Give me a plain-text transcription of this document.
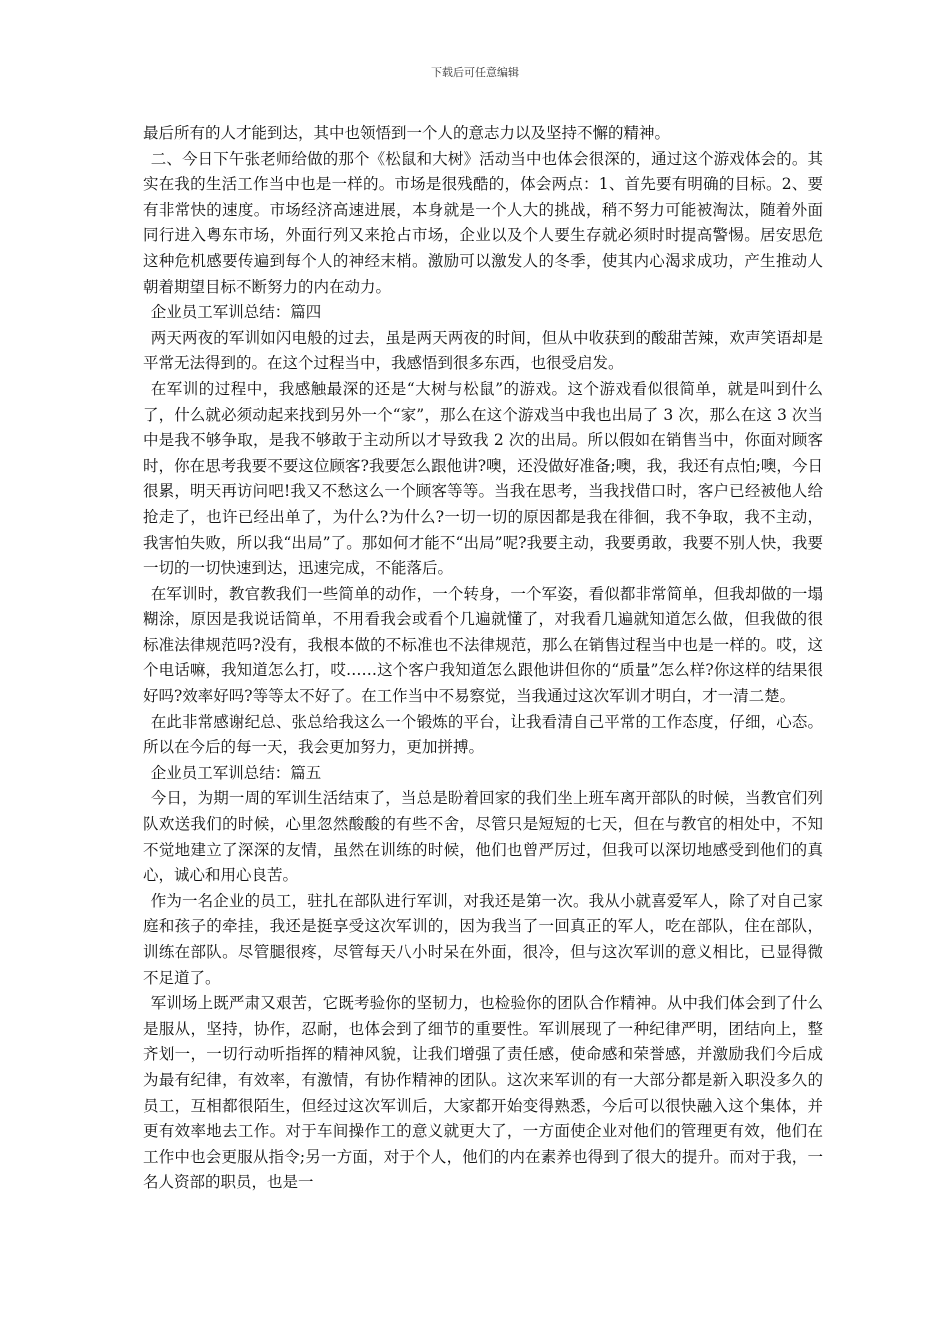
下载后可任意编辑

最后所有的人才能到达，其中也领悟到一个人的意志力以及坚持不懈的精神。

二、今日下午张老师给做的那个《松鼠和大树》活动当中也体会很深的，通过这个游戏体会的。其实在我的生活工作当中也是一样的。市场是很残酷的，体会两点：1、首先要有明确的目标。2、要有非常快的速度。市场经济高速进展，本身就是一个人大的挑战，稍不努力可能被淘汰，随着外面同行进入粤东市场，外面行列又来抢占市场，企业以及个人要生存就必须时时提高警惕。居安思危这种危机感要传遍到每个人的神经末梢。激励可以激发人的冬季，使其内心渴求成功，产生推动人朝着期望目标不断努力的内在动力。

企业员工军训总结：篇四

两天两夜的军训如闪电般的过去，虽是两天两夜的时间，但从中收获到的酸甜苦辣，欢声笑语却是平常无法得到的。在这个过程当中，我感悟到很多东西，也很受启发。

在军训的过程中，我感触最深的还是“大树与松鼠”的游戏。这个游戏看似很简单，就是叫到什么了，什么就必须动起来找到另外一个“家”，那么在这个游戏当中我也出局了 3 次，那么在这 3 次当中是我不够争取，是我不够敢于主动所以才导致我 2 次的出局。所以假如在销售当中，你面对顾客时，你在思考我要不要这位顾客?我要怎么跟他讲?噢，还没做好准备;噢，我，我还有点怕;噢，今日很累，明天再访问吧!我又不愁这么一个顾客等等。当我在思考，当我找借口时，客户已经被他人给抢走了，也许已经出单了，为什么?为什么?一切一切的原因都是我在徘徊，我不争取，我不主动，我害怕失败，所以我“出局”了。那如何才能不“出局”呢?我要主动，我要勇敢，我要不别人快，我要一切的一切快速到达，迅速完成，不能落后。

在军训时，教官教我们一些简单的动作，一个转身，一个军姿，看似都非常简单，但我却做的一塌糊涂，原因是我说话简单，不用看我会或看个几遍就懂了，对我看几遍就知道怎么做，但我做的很标准法律规范吗?没有，我根本做的不标准也不法律规范，那么在销售过程当中也是一样的。哎，这个电话嘛，我知道怎么打，哎……这个客户我知道怎么跟他讲但你的“质量”怎么样?你这样的结果很好吗?效率好吗?等等太不好了。在工作当中不易察觉，当我通过这次军训才明白，才一清二楚。

在此非常感谢纪总、张总给我这么一个锻炼的平台，让我看清自己平常的工作态度，仔细，心态。所以在今后的每一天，我会更加努力，更加拼搏。

企业员工军训总结：篇五

今日，为期一周的军训生活结束了，当总是盼着回家的我们坐上班车离开部队的时候，当教官们列队欢送我们的时候，心里忽然酸酸的有些不舍，尽管只是短短的七天，但在与教官的相处中，不知不觉地建立了深深的友情，虽然在训练的时候，他们也曾严厉过，但我可以深切地感受到他们的真心，诚心和用心良苦。

作为一名企业的员工，驻扎在部队进行军训，对我还是第一次。我从小就喜爱军人，除了对自己家庭和孩子的牵挂，我还是挺享受这次军训的，因为我当了一回真正的军人，吃在部队，住在部队，训练在部队。尽管腿很疼，尽管每天八小时呆在外面，很冷，但与这次军训的意义相比，已显得微不足道了。

军训场上既严肃又艰苦，它既考验你的坚韧力，也检验你的团队合作精神。从中我们体会到了什么是服从，坚持，协作，忍耐，也体会到了细节的重要性。军训展现了一种纪律严明，团结向上，整齐划一，一切行动听指挥的精神风貌，让我们增强了责任感，使命感和荣誉感，并激励我们今后成为最有纪律，有效率，有激情，有协作精神的团队。这次来军训的有一大部分都是新入职没多久的员工，互相都很陌生，但经过这次军训后，大家都开始变得熟悉，今后可以很快融入这个集体，并更有效率地去工作。对于车间操作工的意义就更大了，一方面使企业对他们的管理更有效，他们在工作中也会更服从指令;另一方面，对于个人，他们的内在素养也得到了很大的提升。而对于我，一名人资部的职员，也是一
